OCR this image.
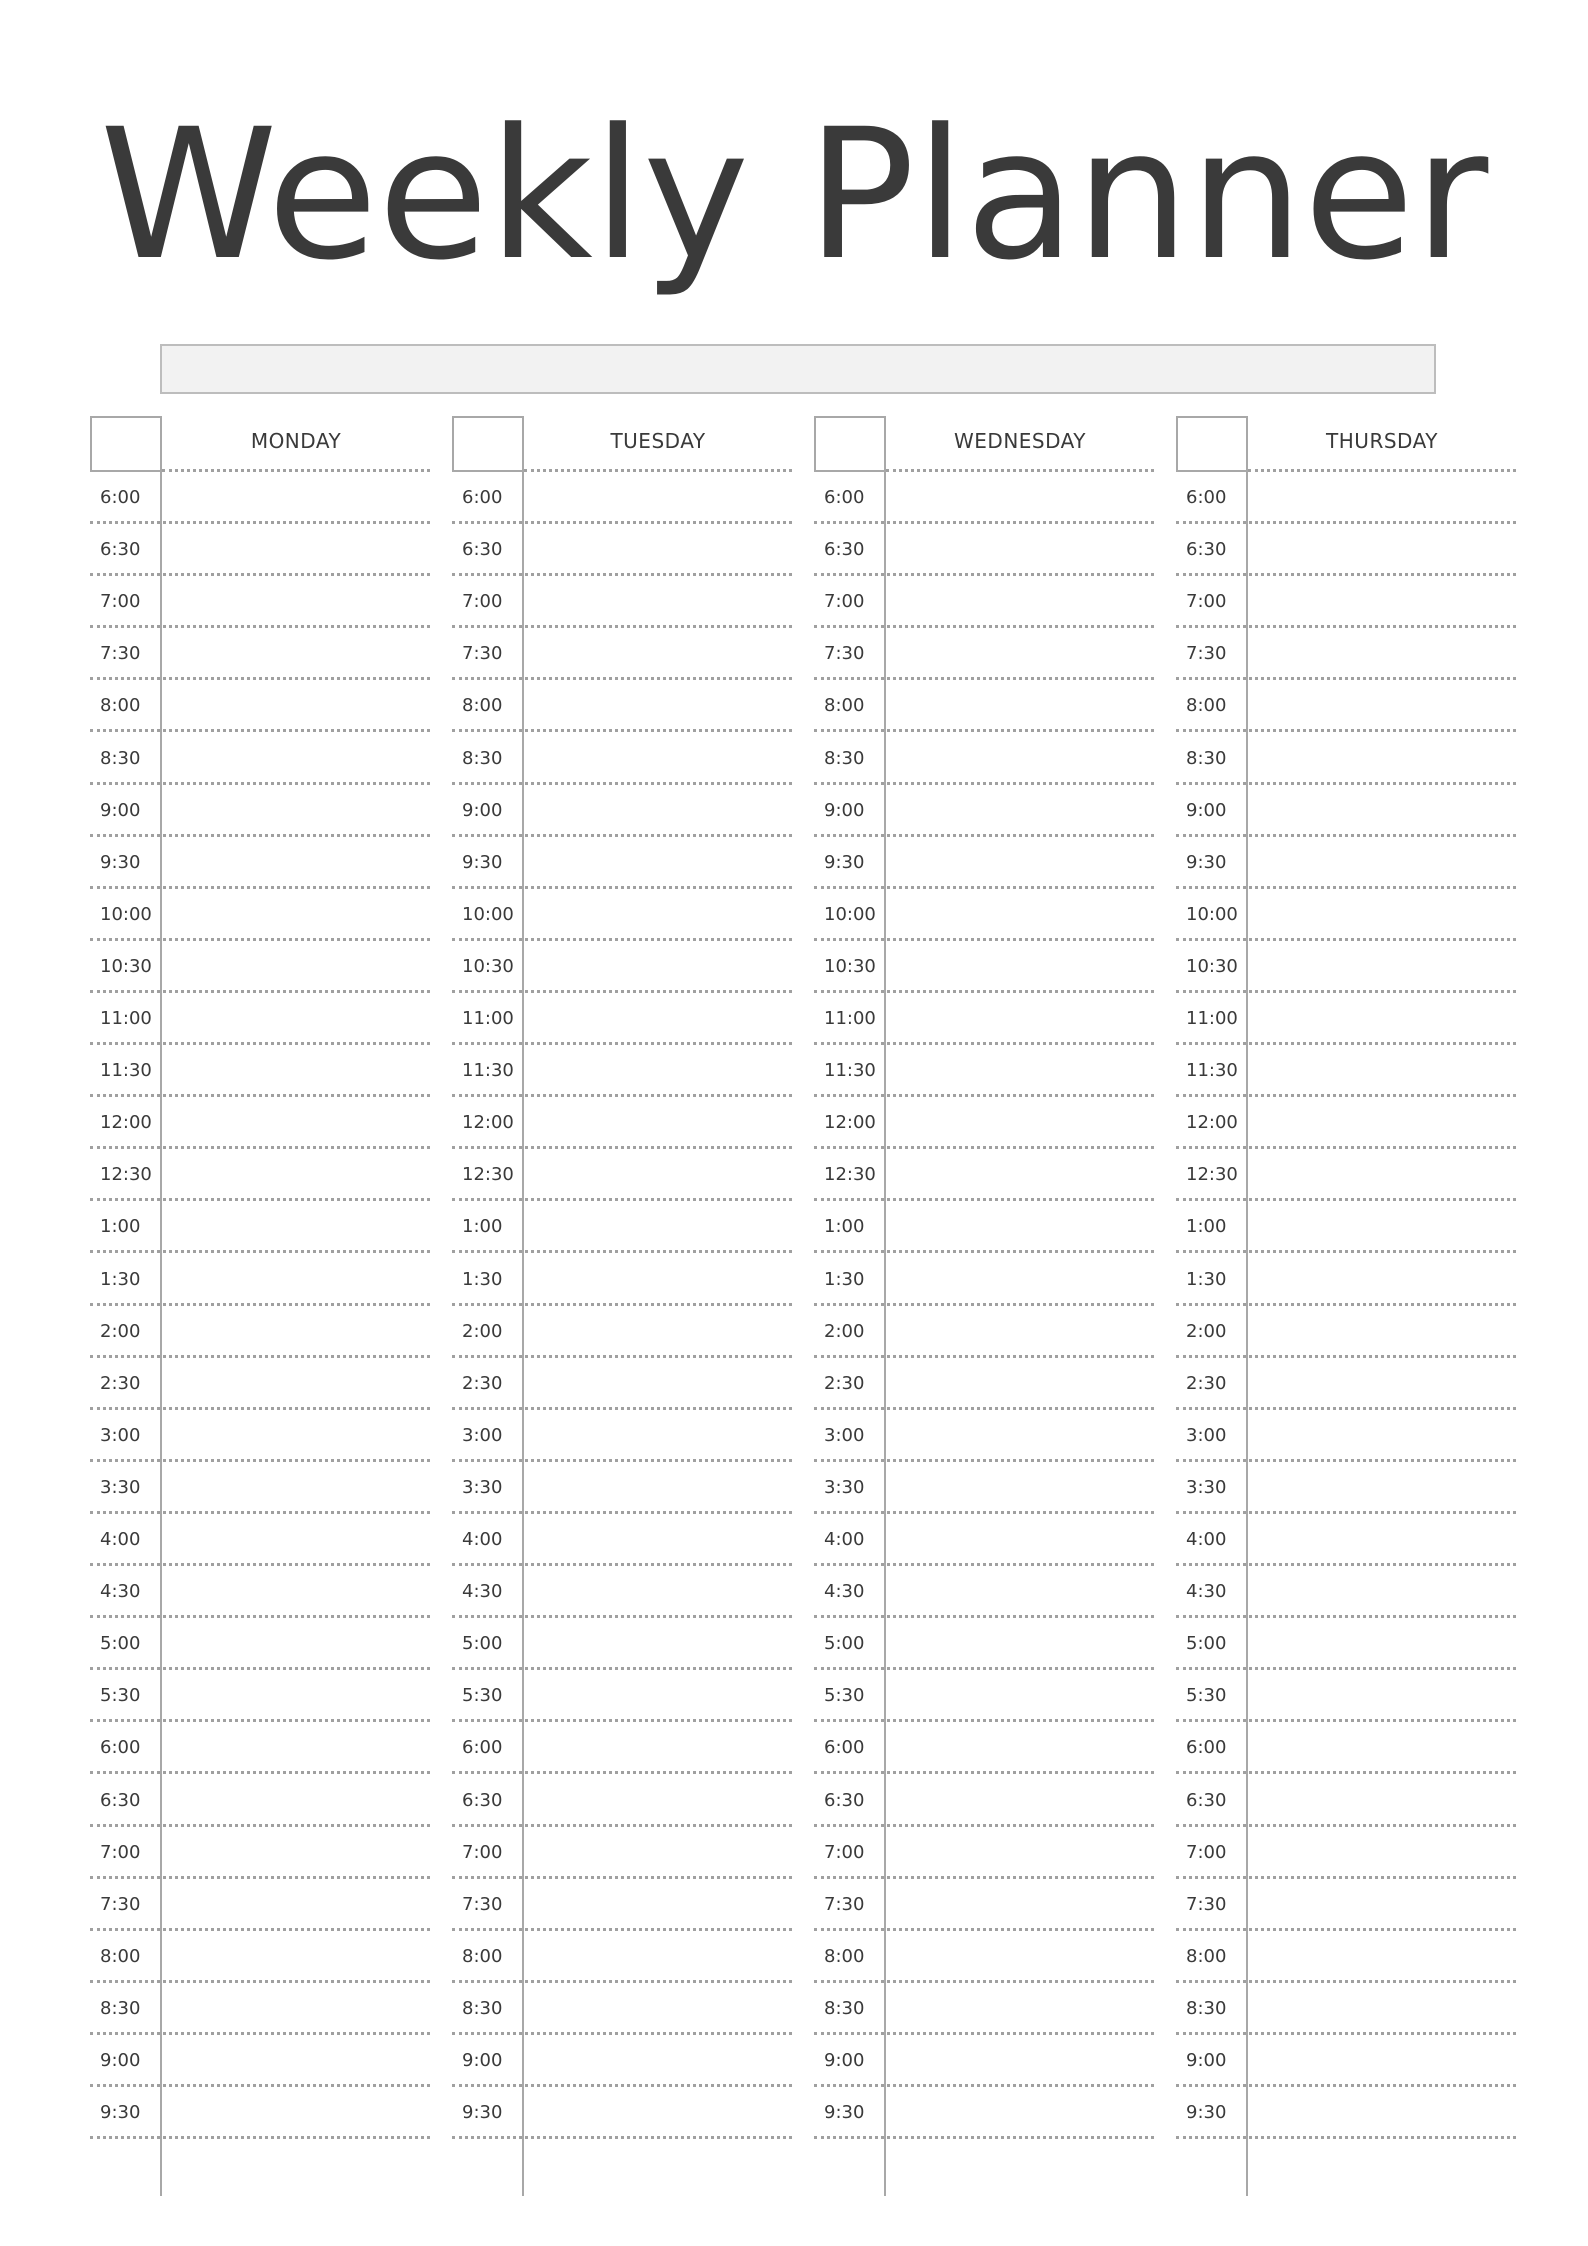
Weekly Planner
MONDAY
6:00
6:30
7:00
7:30
8:00
8:30
9:00
9:30
10:00
10:30
11:00
11:30
12:00
12:30
1:00
1:30
2:00
2:30
3:00
3:30
4:00
4:30
5:00
5:30
6:00
6:30
7:00
7:30
8:00
8:30
9:00
9:30
TUESDAY
6:00
6:30
7:00
7:30
8:00
8:30
9:00
9:30
10:00
10:30
11:00
11:30
12:00
12:30
1:00
1:30
2:00
2:30
3:00
3:30
4:00
4:30
5:00
5:30
6:00
6:30
7:00
7:30
8:00
8:30
9:00
9:30
WEDNESDAY
6:00
6:30
7:00
7:30
8:00
8:30
9:00
9:30
10:00
10:30
11:00
11:30
12:00
12:30
1:00
1:30
2:00
2:30
3:00
3:30
4:00
4:30
5:00
5:30
6:00
6:30
7:00
7:30
8:00
8:30
9:00
9:30
THURSDAY
6:00
6:30
7:00
7:30
8:00
8:30
9:00
9:30
10:00
10:30
11:00
11:30
12:00
12:30
1:00
1:30
2:00
2:30
3:00
3:30
4:00
4:30
5:00
5:30
6:00
6:30
7:00
7:30
8:00
8:30
9:00
9:30
